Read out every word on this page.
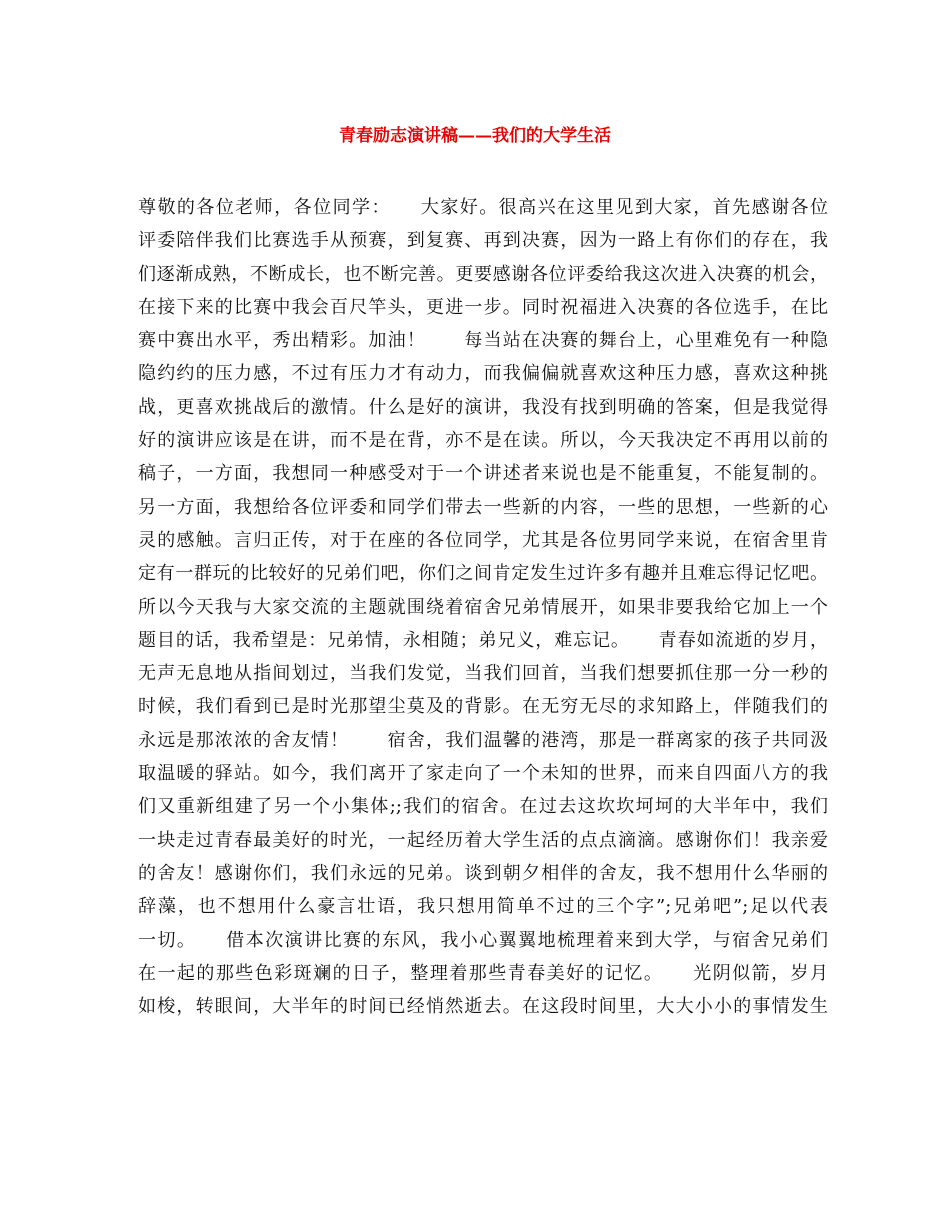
青春励志演讲稿——我们的大学生活
尊敬的各位老师，各位同学：　　大家好。很高兴在这里见到大家，首先感谢各位
评委陪伴我们比赛选手从预赛，到复赛、再到决赛，因为一路上有你们的存在，我
们逐渐成熟，不断成长，也不断完善。更要感谢各位评委给我这次进入决赛的机会，
在接下来的比赛中我会百尺竿头，更进一步。同时祝福进入决赛的各位选手，在比
赛中赛出水平，秀出精彩。加油！　　每当站在决赛的舞台上，心里难免有一种隐
隐约约的压力感，不过有压力才有动力，而我偏偏就喜欢这种压力感，喜欢这种挑
战，更喜欢挑战后的激情。什么是好的演讲，我没有找到明确的答案，但是我觉得
好的演讲应该是在讲，而不是在背，亦不是在读。所以，今天我决定不再用以前的
稿子，一方面，我想同一种感受对于一个讲述者来说也是不能重复，不能复制的。
另一方面，我想给各位评委和同学们带去一些新的内容，一些的思想，一些新的心
灵的感触。言归正传，对于在座的各位同学，尤其是各位男同学来说，在宿舍里肯
定有一群玩的比较好的兄弟们吧，你们之间肯定发生过许多有趣并且难忘得记忆吧。
所以今天我与大家交流的主题就围绕着宿舍兄弟情展开，如果非要我给它加上一个
题目的话，我希望是：兄弟情，永相随；弟兄义，难忘记。　　青春如流逝的岁月，
无声无息地从指间划过，当我们发觉，当我们回首，当我们想要抓住那一分一秒的
时候，我们看到已是时光那望尘莫及的背影。在无穷无尽的求知路上，伴随我们的
永远是那浓浓的舍友情！　　宿舍，我们温馨的港湾，那是一群离家的孩子共同汲
取温暖的驿站。如今，我们离开了家走向了一个未知的世界，而来自四面八方的我
们又重新组建了另一个小集体;;我们的宿舍。在过去这坎坎坷坷的大半年中，我们
一块走过青春最美好的时光，一起经历着大学生活的点点滴滴。感谢你们！我亲爱
的舍友！感谢你们，我们永远的兄弟。谈到朝夕相伴的舍友，我不想用什么华丽的
辞藻，也不想用什么豪言壮语，我只想用简单不过的三个字”;兄弟吧”;足以代表
一切。　　借本次演讲比赛的东风，我小心翼翼地梳理着来到大学，与宿舍兄弟们
在一起的那些色彩斑斓的日子，整理着那些青春美好的记忆。　　光阴似箭，岁月
如梭，转眼间，大半年的时间已经悄然逝去。在这段时间里，大大小小的事情发生
